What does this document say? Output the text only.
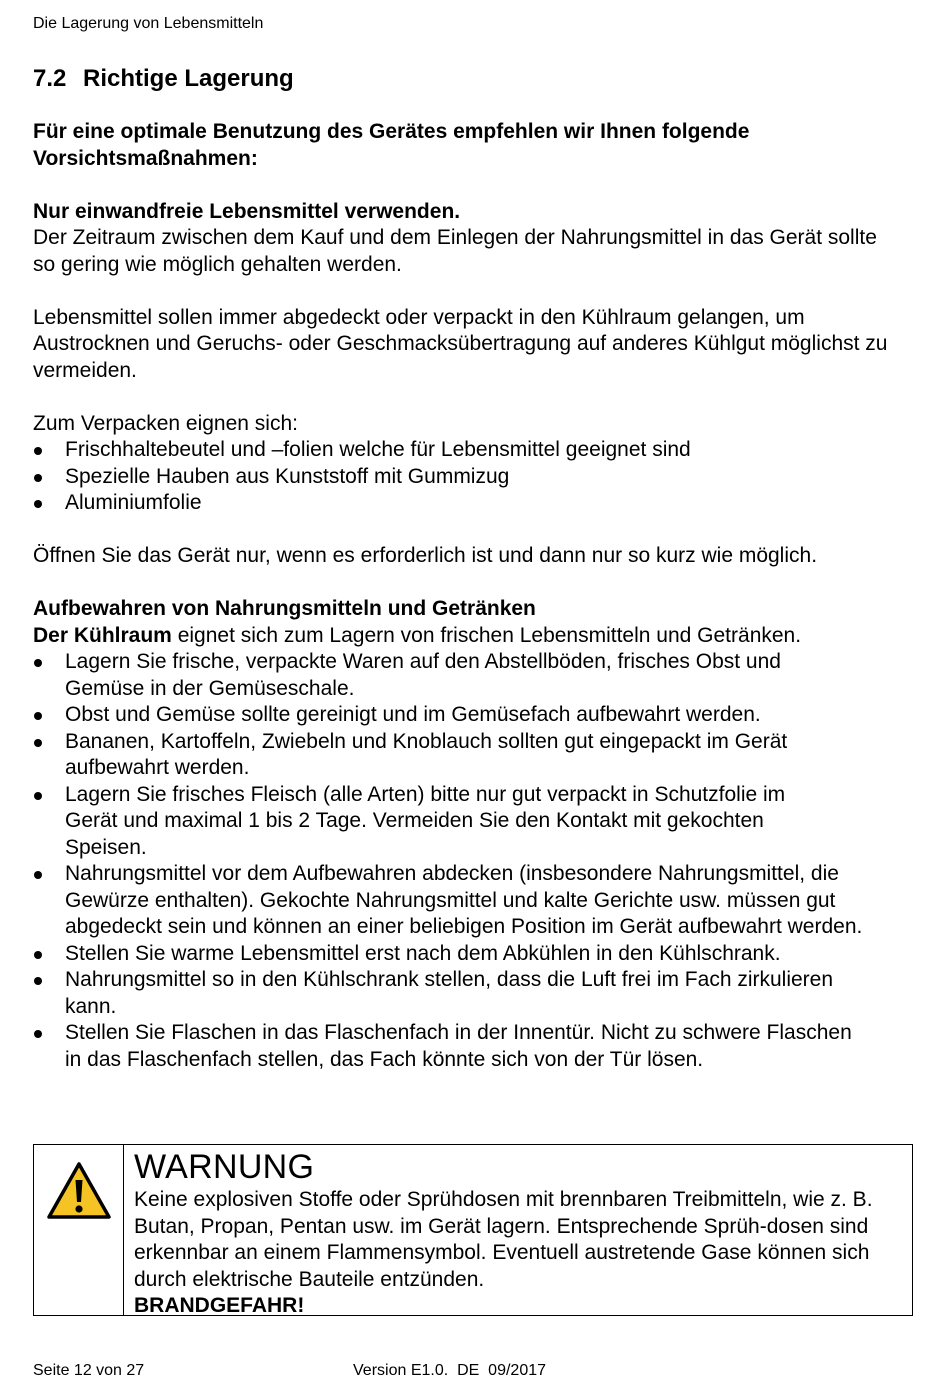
Die Lagerung von Lebensmitteln
7.2 Richtige Lagerung

Für eine optimale Benutzung des Gerätes empfehlen wir Ihnen folgende
Vorsichtsmaßnahmen:

Nur einwandfreie Lebensmittel verwenden.

Der Zeitraum zwischen dem Kauf und dem Einlegen der Nahrungsmittel in das Gerät sollte so gering wie möglich gehalten werden.

Lebensmittel sollen immer abgedeckt oder verpackt in den Kühlraum gelangen, um Austrocknen und Geruchs- oder Geschmacksübertragung auf anderes Kühlgut möglichst zu vermeiden.

Zum Verpacken eignen sich:

Frischhaltebeutel und –folien welche für Lebensmittel geeignet sind
Spezielle Hauben aus Kunststoff mit Gummizug
Aluminiumfolie

Öffnen Sie das Gerät nur, wenn es erforderlich ist und dann nur so kurz wie möglich.

Aufbewahren von Nahrungsmitteln und Getränken

Der Kühlraum eignet sich zum Lagern von frischen Lebensmitteln und Getränken.

Lagern Sie frische, verpackte Waren auf den Abstellböden, frisches Obst und Gemüse in der Gemüseschale.
Obst und Gemüse sollte gereinigt und im Gemüsefach aufbewahrt werden.
Bananen, Kartoffeln, Zwiebeln und Knoblauch sollten gut eingepackt im Gerät aufbewahrt werden.
Lagern Sie frisches Fleisch (alle Arten) bitte nur gut verpackt in Schutzfolie im Gerät und maximal 1 bis 2 Tage. Vermeiden Sie den Kontakt mit gekochten Speisen.
Nahrungsmittel vor dem Aufbewahren abdecken (insbesondere Nahrungsmittel, die Gewürze enthalten). Gekochte Nahrungsmittel und kalte Gerichte usw. müssen gut abgedeckt sein und können an einer beliebigen Position im Gerät aufbewahrt werden.
Stellen Sie warme Lebensmittel erst nach dem Abkühlen in den Kühlschrank.
Nahrungsmittel so in den Kühlschrank stellen, dass die Luft frei im Fach zirkulieren kann.
Stellen Sie Flaschen in das Flaschenfach in der Innentür. Nicht zu schwere Flaschen in das Flaschenfach stellen, das Fach könnte sich von der Tür lösen.
WARNUNG
Keine explosiven Stoffe oder Sprühdosen mit brennbaren Treibmitteln, wie z. B. Butan, Propan, Pentan usw. im Gerät lagern. Entsprechende Sprüh-dosen sind erkennbar an einem Flammensymbol. Eventuell austretende Gase können sich durch elektrische Bauteile entzünden.
BRANDGEFAHR!
Seite 12 von 27	Version E1.0.  DE  09/2017
